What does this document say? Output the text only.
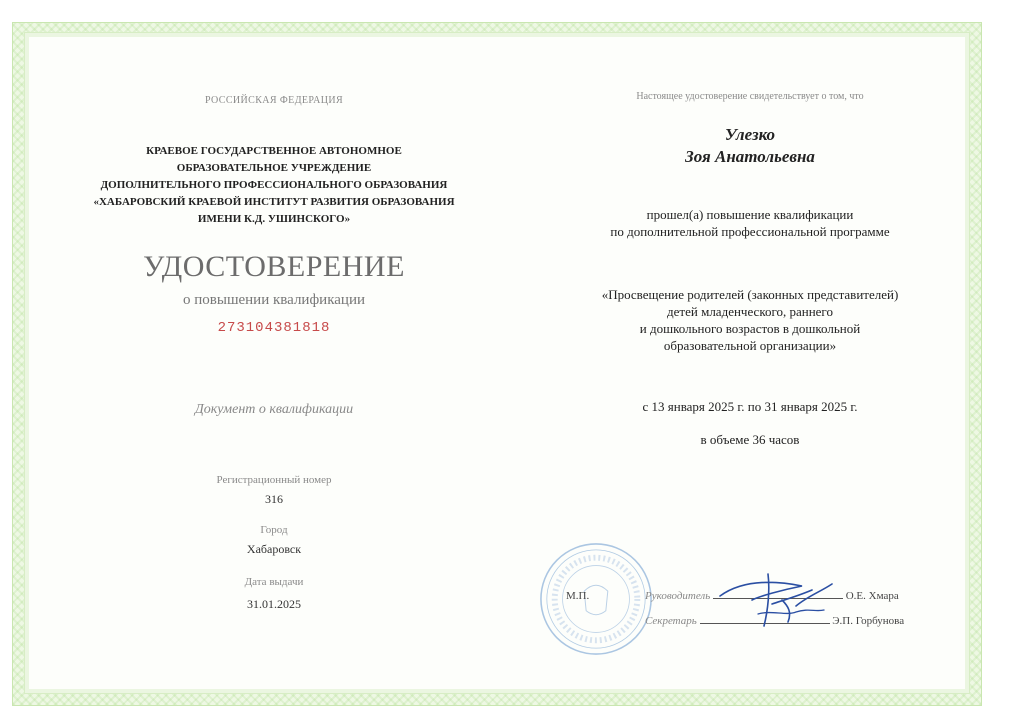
РОССИЙСКАЯ ФЕДЕРАЦИЯ
КРАЕВОЕ ГОСУДАРСТВЕННОЕ АВТОНОМНОЕ
ОБРАЗОВАТЕЛЬНОЕ УЧРЕЖДЕНИЕ
ДОПОЛНИТЕЛЬНОГО ПРОФЕССИОНАЛЬНОГО ОБРАЗОВАНИЯ
«ХАБАРОВСКИЙ КРАЕВОЙ ИНСТИТУТ РАЗВИТИЯ ОБРАЗОВАНИЯ
ИМЕНИ К.Д. УШИНСКОГО»
УДОСТОВЕРЕНИЕ
о повышении квалификации
273104381818
Документ о квалификации
Регистрационный номер
316
Город
Хабаровск
Дата выдачи
31.01.2025
Настоящее удостоверение свидетельствует о том, что
Улезко
Зоя Анатольевна
прошел(а) повышение квалификации
по дополнительной профессиональной программе
«Просвещение родителей (законных представителей)
детей младенческого, раннего
и дошкольного возрастов в дошкольной
образовательной организации»
с 13 января 2025 г. по 31 января 2025 г.
в объеме 36 часов
М.П.	Руководитель	О.Е. Хмара
Секретарь	Э.П. Горбунова
